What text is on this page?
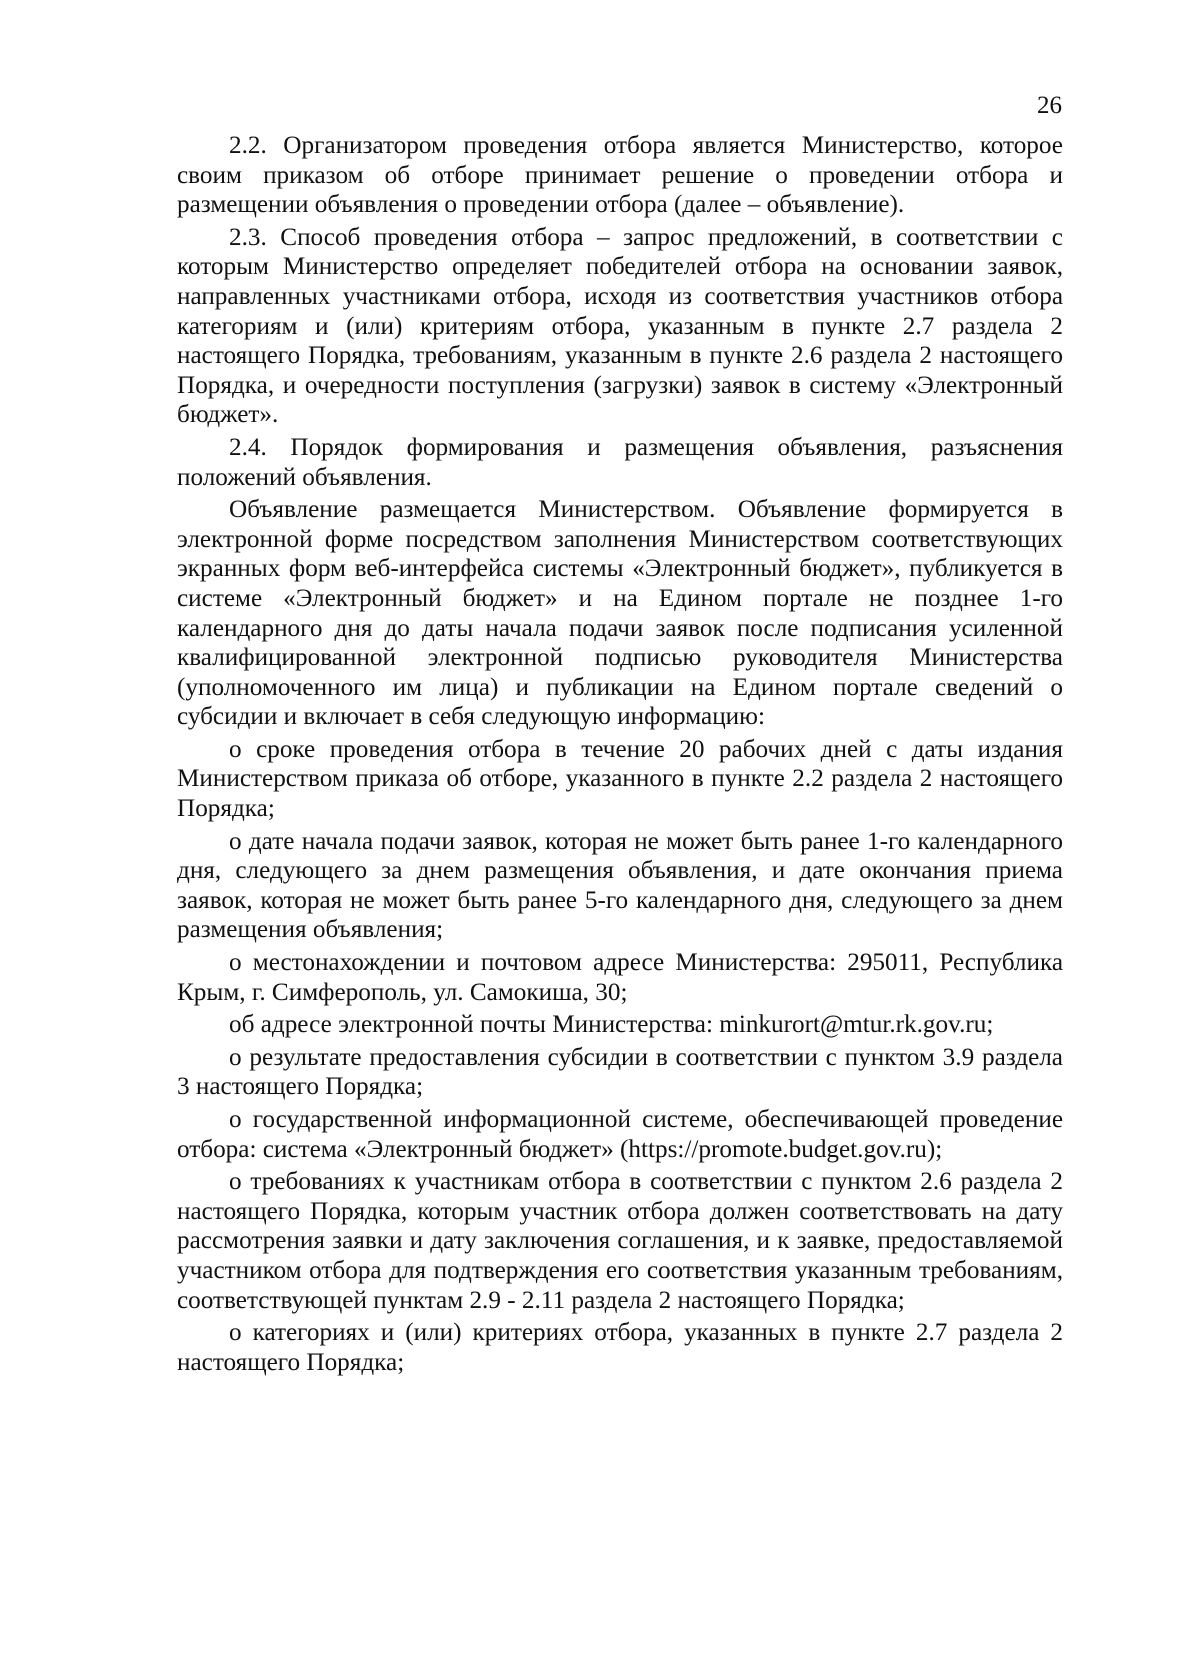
26

2.2. Организатором проведения отбора является Министерство, которое своим приказом об отборе принимает решение о проведении отбора и размещении объявления о проведении отбора (далее – объявление).

2.3. Способ проведения отбора – запрос предложений, в соответствии с которым Министерство определяет победителей отбора на основании заявок, направленных участниками отбора, исходя из соответствия участников отбора категориям и (или) критериям отбора, указанным в пункте 2.7 раздела 2 настоящего Порядка, требованиям, указанным в пункте 2.6 раздела 2 настоящего Порядка, и очередности поступления (загрузки) заявок в систему «Электронный бюджет».

2.4. Порядок формирования и размещения объявления, разъяснения положений объявления.

Объявление размещается Министерством. Объявление формируется в электронной форме посредством заполнения Министерством соответствующих экранных форм веб-интерфейса системы «Электронный бюджет», публикуется в системе «Электронный бюджет» и на Едином портале не позднее 1-го календарного дня до даты начала подачи заявок после подписания усиленной квалифицированной электронной подписью руководителя Министерства (уполномоченного им лица) и публикации на Едином портале сведений о субсидии и включает в себя следующую информацию:

о сроке проведения отбора в течение 20 рабочих дней с даты издания Министерством приказа об отборе, указанного в пункте 2.2 раздела 2 настоящего Порядка;

о дате начала подачи заявок, которая не может быть ранее 1-го календарного дня, следующего за днем размещения объявления, и дате окончания приема заявок, которая не может быть ранее 5-го календарного дня, следующего за днем размещения объявления;

о местонахождении и почтовом адресе Министерства: 295011, Республика Крым, г. Симферополь, ул. Самокиша, 30;

об адресе электронной почты Министерства: minkurort@mtur.rk.gov.ru;

о результате предоставления субсидии в соответствии с пунктом 3.9 раздела 3 настоящего Порядка;

о государственной информационной системе, обеспечивающей проведение отбора: система «Электронный бюджет» (https://promote.budget.gov.ru);

о требованиях к участникам отбора в соответствии с пунктом 2.6 раздела 2 настоящего Порядка, которым участник отбора должен соответствовать на дату рассмотрения заявки и дату заключения соглашения, и к заявке, предоставляемой участником отбора для подтверждения его соответствия указанным требованиям, соответствующей пунктам 2.9 - 2.11 раздела 2 настоящего Порядка;

о категориях и (или) критериях отбора, указанных в пункте 2.7 раздела 2 настоящего Порядка;
